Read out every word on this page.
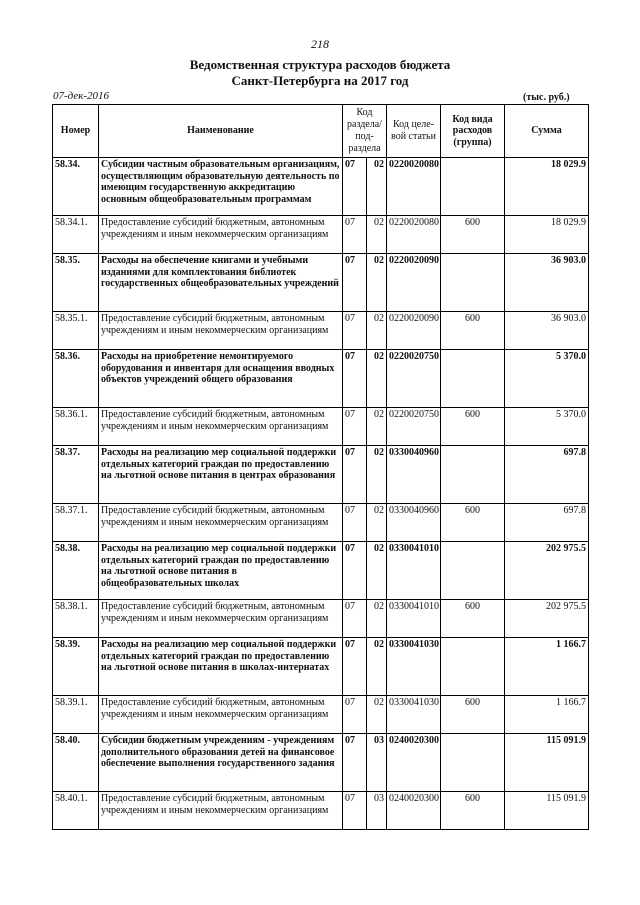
218
Ведомственная структура расходов бюджета
Санкт-Петербурга на 2017 год
07-дек-2016	(тыс. руб.)
Номер	Наименование	Код раздела/ под- раздела		Код целе- вой статьи	Код вида расходов (группа)	Сумма
58.34.	Субсидии частным образовательным организациям, осуществляющим образовательную деятельность по имеющим государственную аккредитацию основным общеобразовательным программам	07	02	0220020080		18 029.9
58.34.1.	Предоставление субсидий бюджетным, автономным учреждениям и иным некоммерческим организациям	07	02	0220020080	600	18 029.9
58.35.	Расходы на обеспечение книгами и учебными изданиями для комплектования библиотек государственных общеобразовательных учреждений	07	02	0220020090		36 903.0
58.35.1.	Предоставление субсидий бюджетным, автономным учреждениям и иным некоммерческим организациям	07	02	0220020090	600	36 903.0
58.36.	Расходы на приобретение немонтируемого оборудования и инвентаря для оснащения вводных объектов учреждений общего образования	07	02	0220020750		5 370.0
58.36.1.	Предоставление субсидий бюджетным, автономным учреждениям и иным некоммерческим организациям	07	02	0220020750	600	5 370.0
58.37.	Расходы на реализацию мер социальной поддержки отдельных категорий граждан по предоставлению на льготной основе питания в центрах образования	07	02	0330040960		697.8
58.37.1.	Предоставление субсидий бюджетным, автономным учреждениям и иным некоммерческим организациям	07	02	0330040960	600	697.8
58.38.	Расходы на реализацию мер социальной поддержки отдельных категорий граждан по предоставлению на льготной основе питания в общеобразовательных школах	07	02	0330041010		202 975.5
58.38.1.	Предоставление субсидий бюджетным, автономным учреждениям и иным некоммерческим организациям	07	02	0330041010	600	202 975.5
58.39.	Расходы на реализацию мер социальной поддержки отдельных категорий граждан по предоставлению на льготной основе питания в школах-интернатах	07	02	0330041030		1 166.7
58.39.1.	Предоставление субсидий бюджетным, автономным учреждениям и иным некоммерческим организациям	07	02	0330041030	600	1 166.7
58.40.	Субсидии бюджетным учреждениям - учреждениям дополнительного образования детей на финансовое обеспечение выполнения государственного задания	07	03	0240020300		115 091.9
58.40.1.	Предоставление субсидий бюджетным, автономным учреждениям и иным некоммерческим организациям	07	03	0240020300	600	115 091.9
